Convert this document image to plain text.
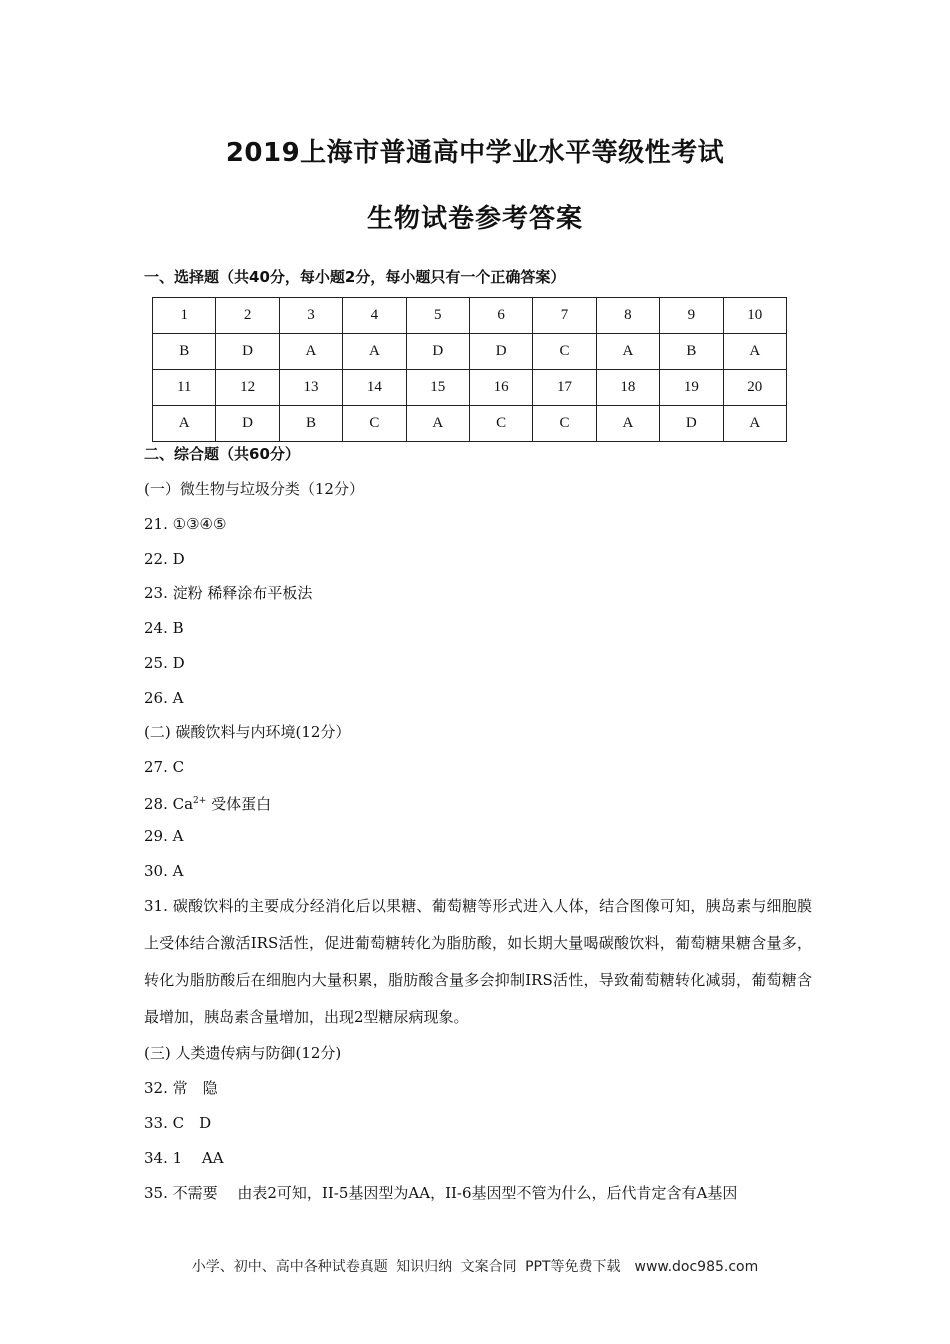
2019上海市普通高中学业水平等级性考试
生物试卷参考答案
一、选择题（共40分，每小题2分，每小题只有一个正确答案）
1	2	3	4	5	6	7	8	9	10
B	D	A	A	D	D	C	A	B	A
11	12	13	14	15	16	17	18	19	20
A	D	B	C	A	C	C	A	D	A
二、综合题（共60分）
(一）微生物与垃圾分类（12分）
21. ①③④⑤
22. D
23. 淀粉 稀释涂布平板法
24. B
25. D
26. A
(二) 碳酸饮料与内环境(12分）
27. C
28. $Ca^{2+}$ 受体蛋白
29. A
30. A
31. 碳酸饮料的主要成分经消化后以果糖、葡萄糖等形式进入人体，结合图像可知，胰岛素与细胞膜上受体结合激活IRS活性，促进葡萄糖转化为脂肪酸，如长期大量喝碳酸饮料，葡萄糖果糖含量多，转化为脂肪酸后在细胞内大量积累，脂肪酸含量多会抑制IRS活性，导致葡萄糖转化减弱，葡萄糖含最增加，胰岛素含量增加，出现2型糖尿病现象。
(三) 人类遗传病与防御(12分)
32. 常　隐
33. C　D
34. 1　 AA
35. 不需要　 由表2可知，II-5基因型为AA，II-6基因型不管为什么，后代肯定含有A基因
小学、初中、高中各种试卷真题 知识归纳 文案合同 PPT等免费下载　www.doc985.com
